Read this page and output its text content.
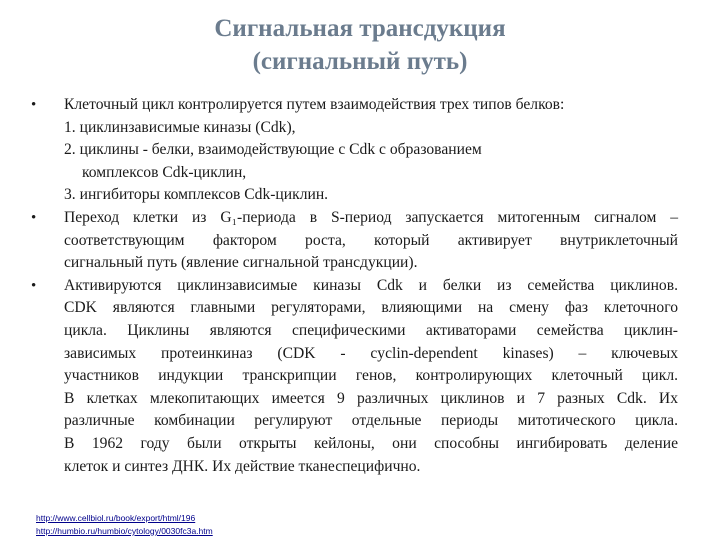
Сигнальная трансдукция
(сигнальный путь)
• Клеточный цикл контролируется путем взаимодействия трех типов белков:
1. циклинзависимые киназы (Cdk),
2. циклины - белки, взаимодействующие с Cdk с образованием
комплексов Cdk-циклин,
3. ингибиторы комплексов Cdk-циклин.
• Переход клетки из G₁-периода в S-период запускается митогенным сигналом –
соответствующим фактором роста, который активирует внутриклеточный
сигнальный путь (явление сигнальной трансдукции).
• Активируются циклинзависимые киназы Cdk и белки из семейства циклинов.
CDK являются главными регуляторами, влияющими на смену фаз клеточного
цикла. Циклины являются специфическими активаторами семейства циклин-
зависимых протеинкиназ (CDK - cyclin-dependent kinases) – ключевых
участников индукции транскрипции генов, контролирующих клеточный цикл.
В клетках млекопитающих имеется 9 различных циклинов и 7 разных Cdk. Их
различные комбинации регулируют отдельные периоды митотического цикла.
В 1962 году были открыты кейлоны, они способны ингибировать деление
клеток и синтез ДНК. Их действие тканеспецифично.
http://www.cellbiol.ru/book/export/html/196
http://humbio.ru/humbio/cytology/0030fc3a.htm
